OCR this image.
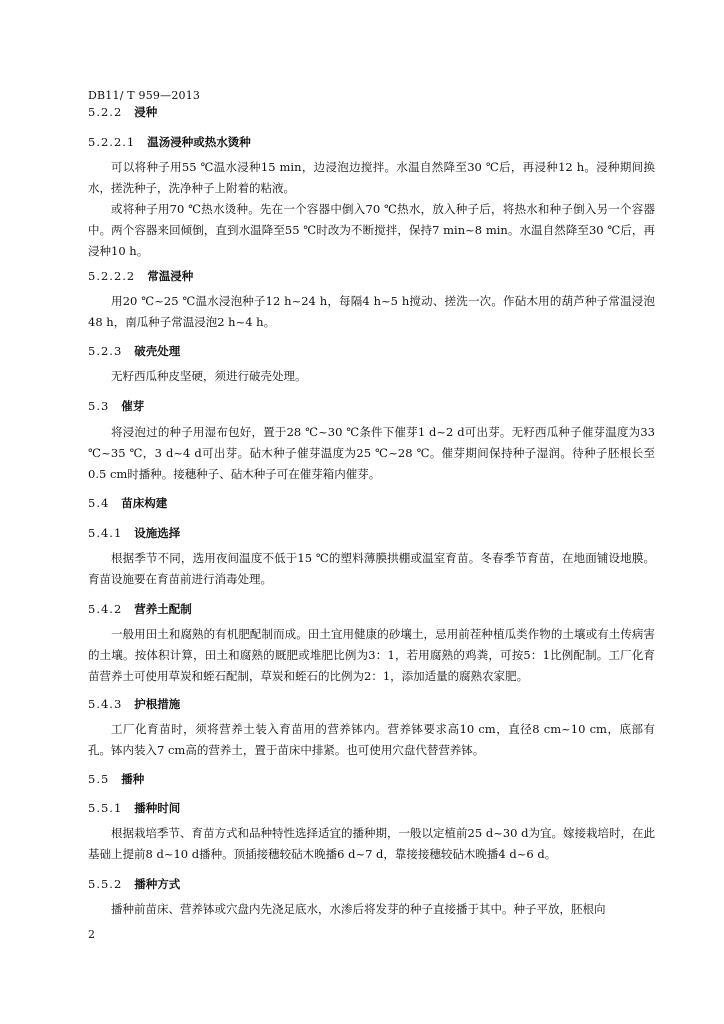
DB11/ T 959—2013
5.2.2 浸种
5.2.2.1 温汤浸种或热水烫种
可以将种子用55 ℃温水浸种15 min，边浸泡边搅拌。水温自然降至30 ℃后，再浸种12 h。浸种期间换水，搓洗种子，洗净种子上附着的粘液。
或将种子用70 ℃热水烫种。先在一个容器中倒入70 ℃热水，放入种子后，将热水和种子倒入另一个容器中。两个容器来回倾倒，直到水温降至55 ℃时改为不断搅拌，保持7 min~8 min。水温自然降至30 ℃后，再浸种10 h。
5.2.2.2 常温浸种
用20 ℃~25 ℃温水浸泡种子12 h~24 h，每隔4 h~5 h搅动、搓洗一次。作砧木用的葫芦种子常温浸泡48 h，南瓜种子常温浸泡2 h~4 h。
5.2.3 破壳处理
无籽西瓜种皮坚硬，须进行破壳处理。
5.3 催芽
将浸泡过的种子用湿布包好，置于28 ℃~30 ℃条件下催芽1 d~2 d可出芽。无籽西瓜种子催芽温度为33 ℃~35 ℃，3 d~4 d可出芽。砧木种子催芽温度为25 ℃~28 ℃。催芽期间保持种子湿润。待种子胚根长至0.5 cm时播种。接穗种子、砧木种子可在催芽箱内催芽。
5.4 苗床构建
5.4.1 设施选择
根据季节不同，选用夜间温度不低于15 ℃的塑料薄膜拱棚或温室育苗。冬春季节育苗，在地面铺设地膜。育苗设施要在育苗前进行消毒处理。
5.4.2 营养土配制
一般用田土和腐熟的有机肥配制而成。田土宜用健康的砂壤土，忌用前茬种植瓜类作物的土壤或有土传病害的土壤。按体积计算，田土和腐熟的厩肥或堆肥比例为3：1，若用腐熟的鸡粪，可按5：1比例配制。工厂化育苗营养土可使用草炭和蛭石配制，草炭和蛭石的比例为2：1，添加适量的腐熟农家肥。
5.4.3 护根措施
工厂化育苗时，须将营养土装入育苗用的营养钵内。营养钵要求高10 cm，直径8 cm~10 cm，底部有孔。钵内装入7 cm高的营养土，置于苗床中排紧。也可使用穴盘代替营养钵。
5.5 播种
5.5.1 播种时间
根据栽培季节、育苗方式和品种特性选择适宜的播种期，一般以定植前25 d~30 d为宜。嫁接栽培时，在此基础上提前8 d~10 d播种。顶插接穗较砧木晚播6 d~7 d，靠接接穗较砧木晚播4 d~6 d。
5.5.2 播种方式
播种前苗床、营养钵或穴盘内先浇足底水，水渗后将发芽的种子直接播于其中。种子平放，胚根向
2
